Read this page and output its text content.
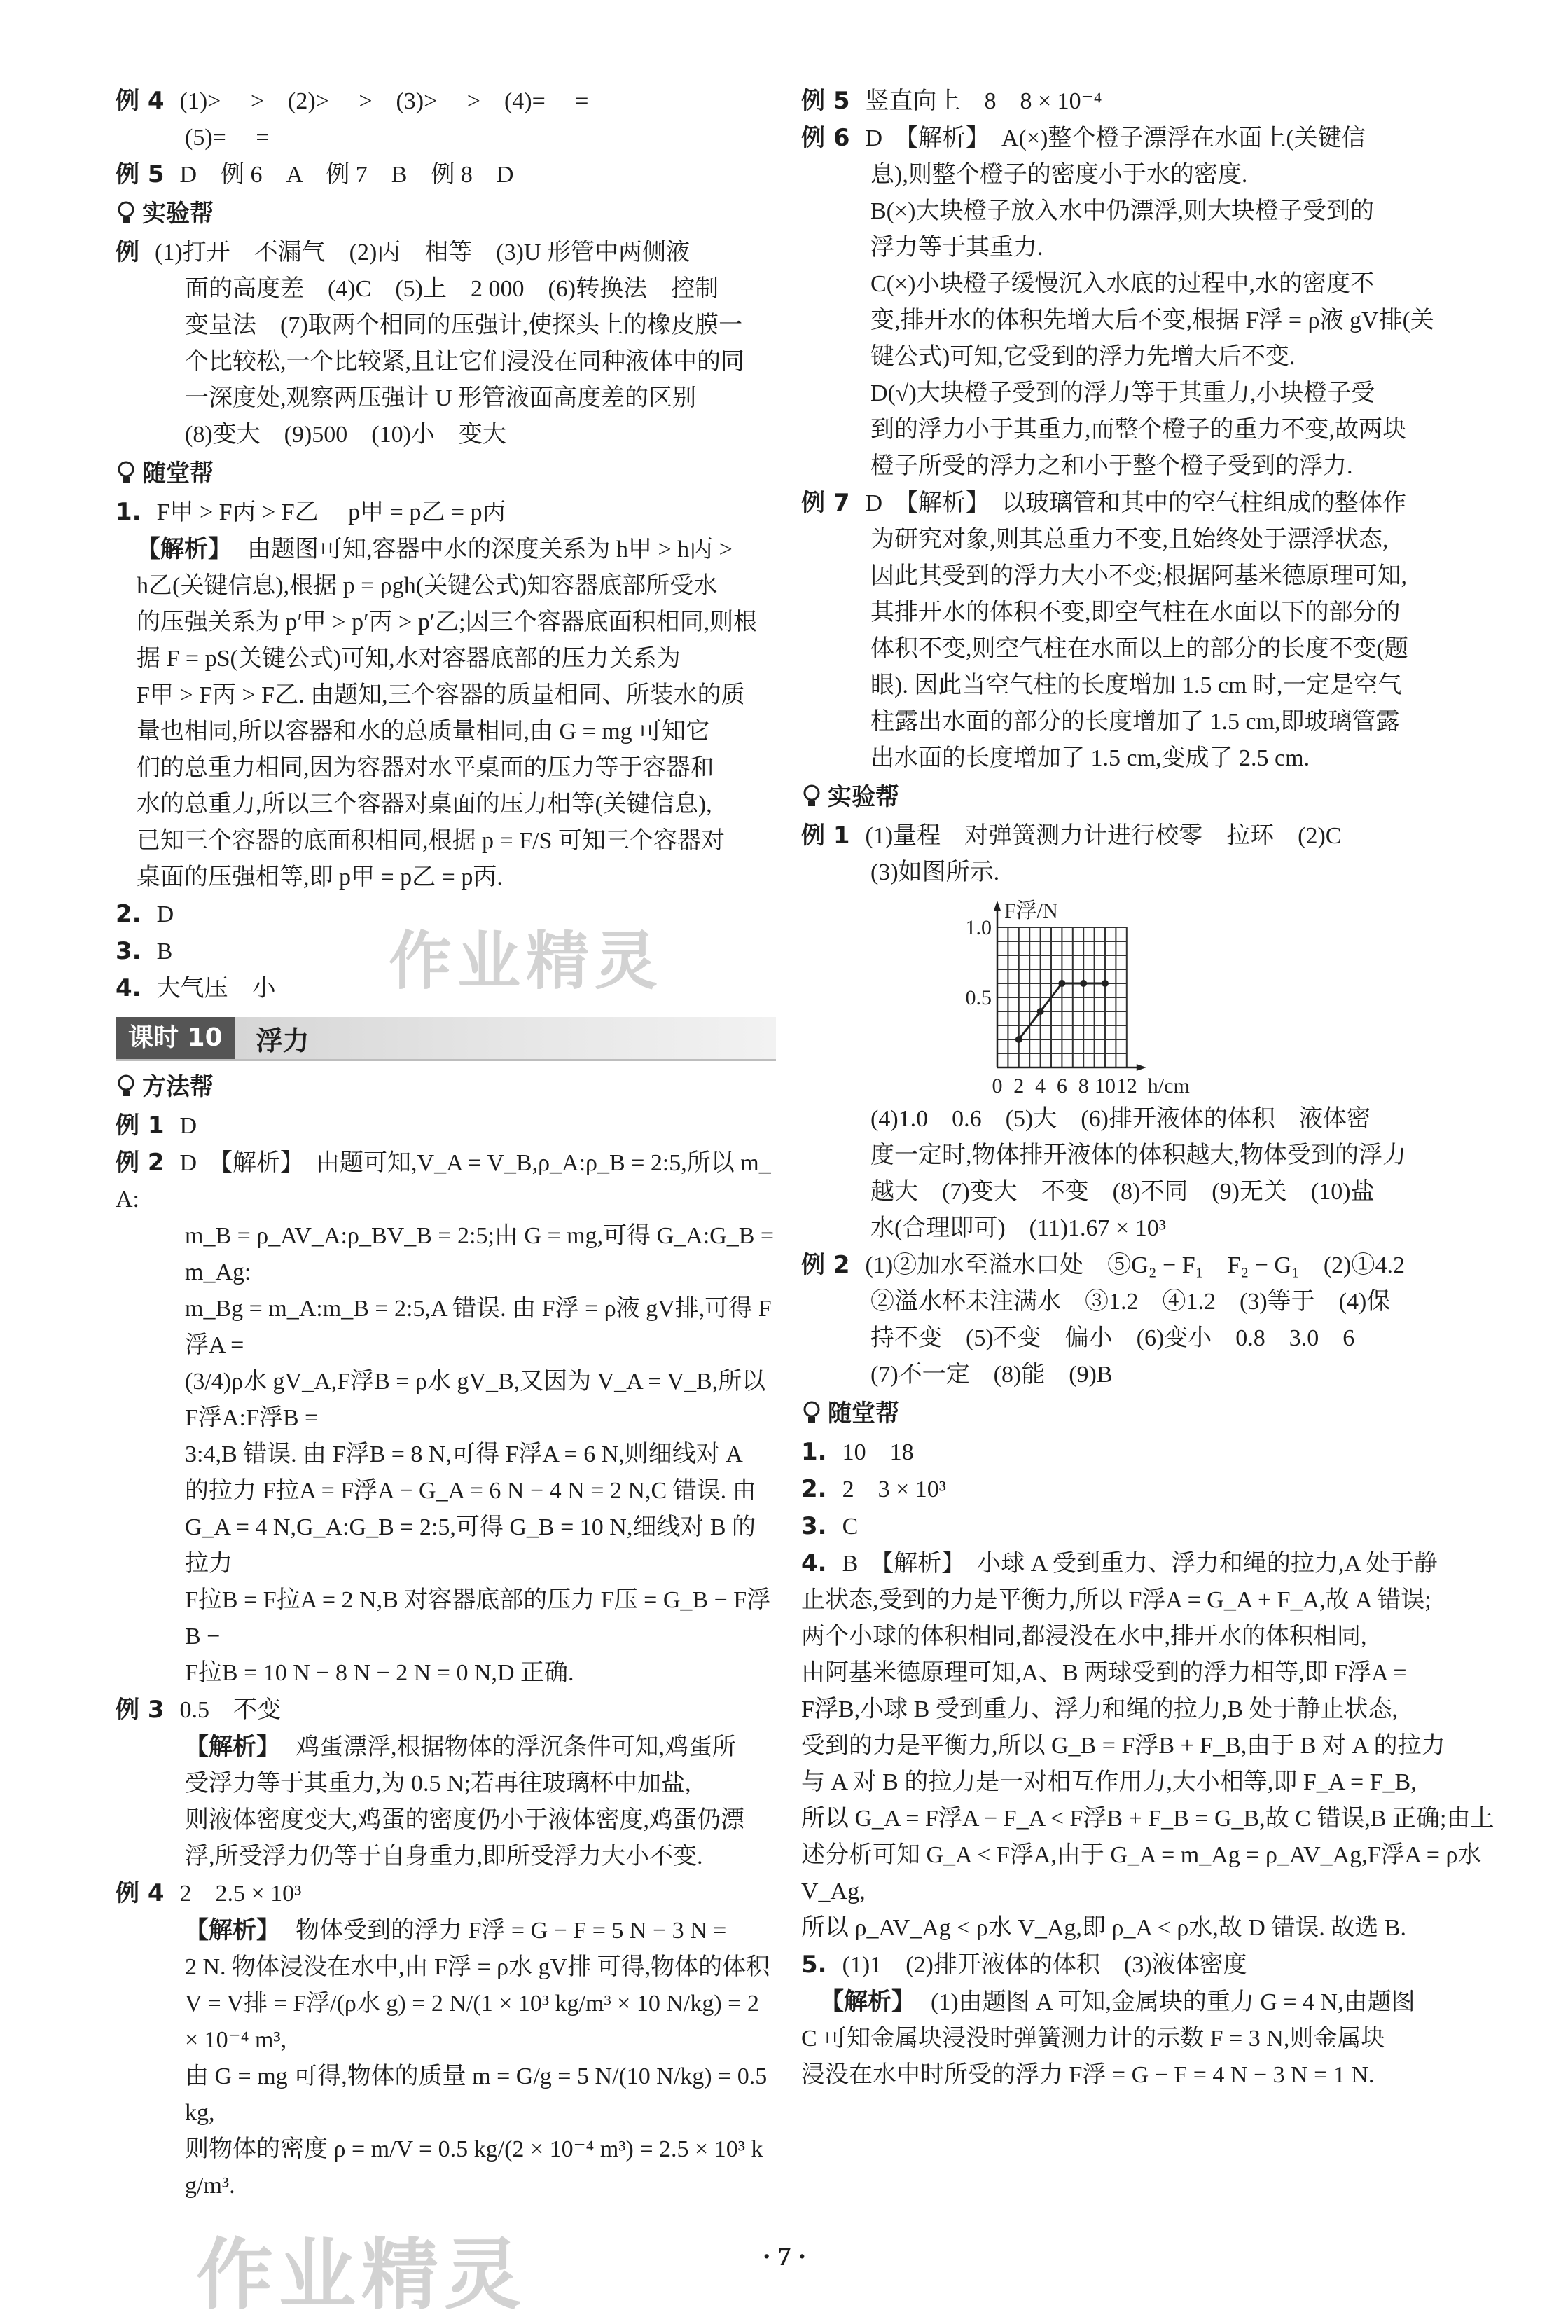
例 4 (1)>　 >　(2)>　 >　(3)>　 >　(4)=　 =
(5)=　 =
例 5 D　例 6　A　例 7　B　例 8　D
实验帮
例 (1)打开　不漏气　(2)丙　相等　(3)U 形管中两侧液
面的高度差　(4)C　(5)上　2 000　(6)转换法　控制
变量法　(7)取两个相同的压强计,使探头上的橡皮膜一
个比较松,一个比较紧,且让它们浸没在同种液体中的同
一深度处,观察两压强计 U 形管液面高度差的区别
(8)变大　(9)500　(10)小　变大
随堂帮
1. F甲 > F丙 > F乙　 p甲 = p乙 = p丙
【解析】 由题图可知,容器中水的深度关系为 h甲 > h丙 >
h乙(关键信息),根据 p = ρgh(关键公式)知容器底部所受水
的压强关系为 p′甲 > p′丙 > p′乙;因三个容器底面积相同,则根
据 F = pS(关键公式)可知,水对容器底部的压力关系为
F甲 > F丙 > F乙. 由题知,三个容器的质量相同、所装水的质
量也相同,所以容器和水的总质量相同,由 G = mg 可知它
们的总重力相同,因为容器对水平桌面的压力等于容器和
水的总重力,所以三个容器对桌面的压力相等(关键信息),
已知三个容器的底面积相同,根据 p = F/S 可知三个容器对
桌面的压强相等,即 p甲 = p乙 = p丙.
2. D
3. B
4. 大气压　小	作业精灵
课时 10	浮力
方法帮
例 1 D
例 2 D　【解析】　由题可知,V_A = V_B,ρ_A:ρ_B = 2:5,所以 m_A:
m_B = ρ_AV_A:ρ_BV_B = 2:5;由 G = mg,可得 G_A:G_B = m_Ag:
m_Bg = m_A:m_B = 2:5,A 错误. 由 F浮 = ρ液 gV排,可得 F浮A =
(3/4)ρ水 gV_A,F浮B = ρ水 gV_B,又因为 V_A = V_B,所以 F浮A:F浮B =
3:4,B 错误. 由 F浮B = 8 N,可得 F浮A = 6 N,则细线对 A
的拉力 F拉A = F浮A − G_A = 6 N − 4 N = 2 N,C 错误. 由
G_A = 4 N,G_A:G_B = 2:5,可得 G_B = 10 N,细线对 B 的拉力
F拉B = F拉A = 2 N,B 对容器底部的压力 F压 = G_B − F浮B −
F拉B = 10 N − 8 N − 2 N = 0 N,D 正确.
例 3 0.5　不变
【解析】 鸡蛋漂浮,根据物体的浮沉条件可知,鸡蛋所
受浮力等于其重力,为 0.5 N;若再往玻璃杯中加盐,
则液体密度变大,鸡蛋的密度仍小于液体密度,鸡蛋仍漂
浮,所受浮力仍等于自身重力,即所受浮力大小不变.
例 4 2　2.5 × 10³
【解析】 物体受到的浮力 F浮 = G − F = 5 N − 3 N =
2 N. 物体浸没在水中,由 F浮 = ρ水 gV排 可得,物体的体积
V = V排 = F浮/(ρ水 g) = 2 N/(1 × 10³ kg/m³ × 10 N/kg) = 2 × 10⁻⁴ m³,
由 G = mg 可得,物体的质量 m = G/g = 5 N/(10 N/kg) = 0.5 kg,
则物体的密度 ρ = m/V = 0.5 kg/(2 × 10⁻⁴ m³) = 2.5 × 10³ kg/m³.
例 5 竖直向上　8　8 × 10⁻⁴
例 6 D　【解析】　A(×)整个橙子漂浮在水面上(关键信
息),则整个橙子的密度小于水的密度.
B(×)大块橙子放入水中仍漂浮,则大块橙子受到的
浮力等于其重力.
C(×)小块橙子缓慢沉入水底的过程中,水的密度不
变,排开水的体积先增大后不变,根据 F浮 = ρ液 gV排(关
键公式)可知,它受到的浮力先增大后不变.
D(√)大块橙子受到的浮力等于其重力,小块橙子受
到的浮力小于其重力,而整个橙子的重力不变,故两块
橙子所受的浮力之和小于整个橙子受到的浮力.
例 7 D　【解析】　以玻璃管和其中的空气柱组成的整体作
为研究对象,则其总重力不变,且始终处于漂浮状态,
因此其受到的浮力大小不变;根据阿基米德原理可知,
其排开水的体积不变,即空气柱在水面以下的部分的
体积不变,则空气柱在水面以上的部分的长度不变(题
眼). 因此当空气柱的长度增加 1.5 cm 时,一定是空气
柱露出水面的部分的长度增加了 1.5 cm,即玻璃管露
出水面的长度增加了 1.5 cm,变成了 2.5 cm.
实验帮
例 1 (1)量程　对弹簧测力计进行校零　拉环　(2)C
(3)如图所示.
0 2 4 6 8 10 12
0.5
1.0
h/cm
F浮/N
(4)1.0　0.6　(5)大　(6)排开液体的体积　液体密
度一定时,物体排开液体的体积越大,物体受到的浮力
越大　(7)变大　不变　(8)不同　(9)无关　(10)盐
水(合理即可)　(11)1.67 × 10³
例 2 (1)②加水至溢水口处　⑤G₂ − F₁　F₂ − G₁　(2)①4.2
②溢水杯未注满水　③1.2　④1.2　(3)等于　(4)保
持不变　(5)不变　偏小　(6)变小　0.8　3.0　6
(7)不一定　(8)能　(9)B
随堂帮
1. 10　18
2. 2　3 × 10³
3. C
4. B　【解析】　小球 A 受到重力、浮力和绳的拉力,A 处于静
止状态,受到的力是平衡力,所以 F浮A = G_A + F_A,故 A 错误;
两个小球的体积相同,都浸没在水中,排开水的体积相同,
由阿基米德原理可知,A、B 两球受到的浮力相等,即 F浮A =
F浮B,小球 B 受到重力、浮力和绳的拉力,B 处于静止状态,
受到的力是平衡力,所以 G_B = F浮B + F_B,由于 B 对 A 的拉力
与 A 对 B 的拉力是一对相互作用力,大小相等,即 F_A = F_B,
所以 G_A = F浮A − F_A < F浮B + F_B = G_B,故 C 错误,B 正确;由上
述分析可知 G_A < F浮A,由于 G_A = m_Ag = ρ_AV_Ag,F浮A = ρ水 V_Ag,
所以 ρ_AV_Ag < ρ水 V_Ag,即 ρ_A < ρ水,故 D 错误. 故选 B.
5. (1)1　(2)排开液体的体积　(3)液体密度
【解析】 (1)由题图 A 可知,金属块的重力 G = 4 N,由题图
C 可知金属块浸没时弹簧测力计的示数 F = 3 N,则金属块
浸没在水中时所受的浮力 F浮 = G − F = 4 N − 3 N = 1 N.
作业精灵	· 7 ·
